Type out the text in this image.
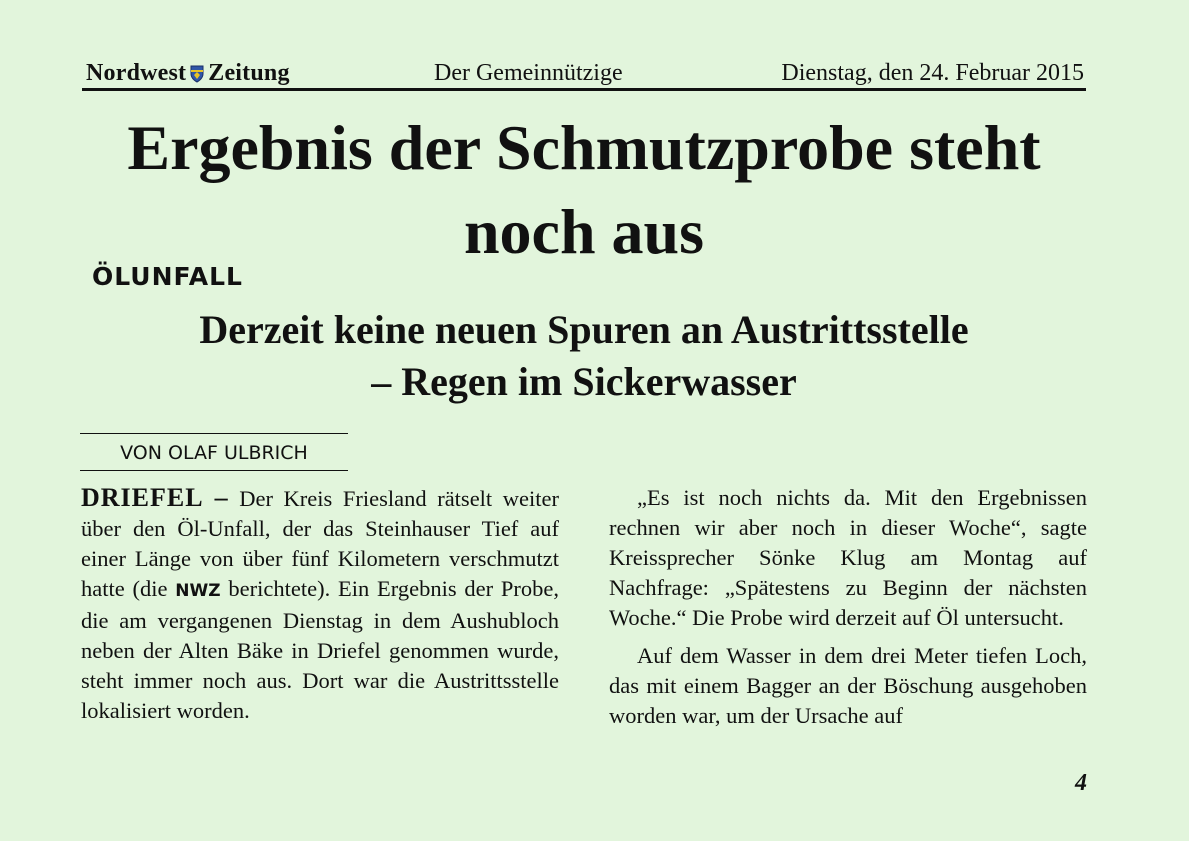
Nordwest Zeitung	Der Gemeinnützige	Dienstag, den 24. Februar 2015
Ergebnis der Schmutzprobe steht
noch aus
ÖLUNFALL
Derzeit keine neuen Spuren an Austrittsstelle
– Regen im Sickerwasser
VON OLAF ULBRICH

DRIEFEL – Der Kreis Friesland rätselt weiter über den Öl-Unfall, der das Steinhauser Tief auf einer Länge von über fünf Kilometern verschmutzt hatte (die NWZ berichtete). Ein Ergebnis der Probe, die am vergangenen Dienstag in dem Aushubloch neben der Alten Bäke in Driefel genommen wurde, steht immer noch aus. Dort war die Austrittsstelle lokalisiert worden.

„Es ist noch nichts da. Mit den Ergebnissen rechnen wir aber noch in dieser Woche“, sagte Kreissprecher Sönke Klug am Montag auf Nachfrage: „Spätestens zu Beginn der nächsten Woche.“ Die Probe wird derzeit auf Öl untersucht.

Auf dem Wasser in dem drei Meter tiefen Loch, das mit einem Bagger an der Böschung ausgehoben worden war, um der Ursache auf

4
